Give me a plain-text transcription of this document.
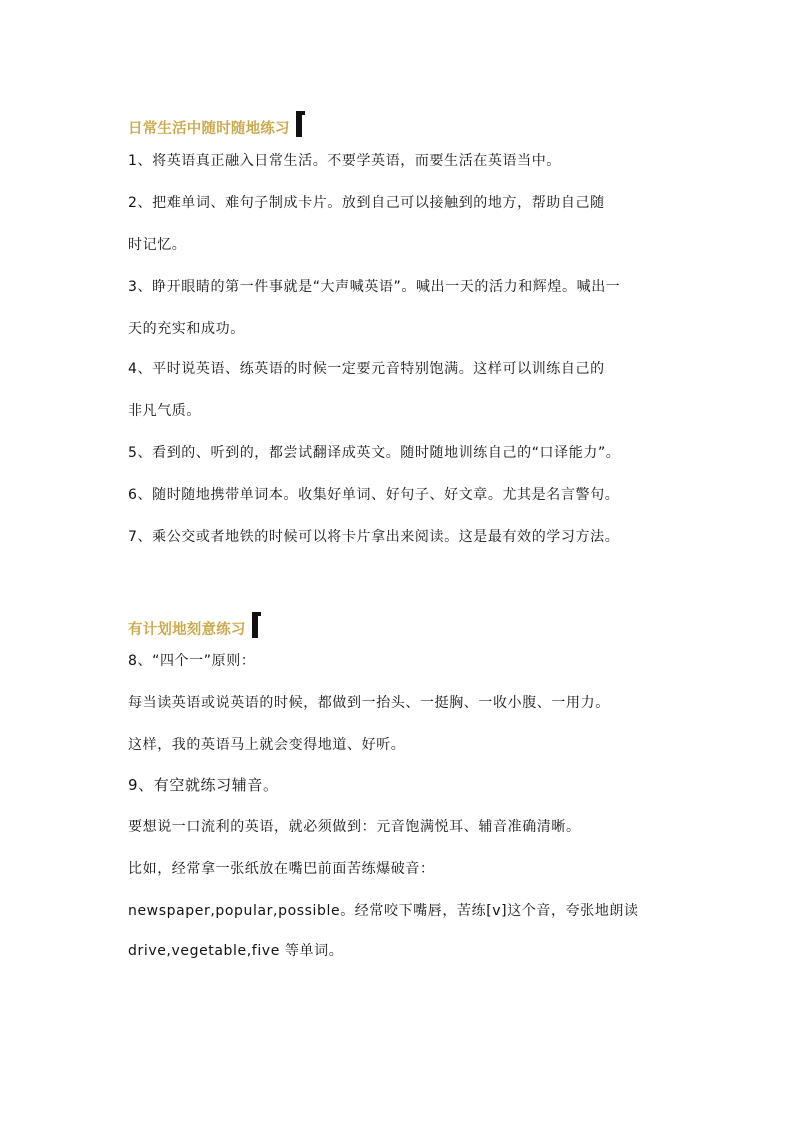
日常生活中随时随地练习
1、将英语真正融入日常生活。不要学英语，而要生活在英语当中。
2、把难单词、难句子制成卡片。放到自己可以接触到的地方，帮助自己随
时记忆。
3、睁开眼睛的第一件事就是“大声喊英语”。喊出一天的活力和辉煌。喊出一
天的充实和成功。
4、平时说英语、练英语的时候一定要元音特别饱满。这样可以训练自己的
非凡气质。
5、看到的、听到的，都尝试翻译成英文。随时随地训练自己的“口译能力”。
6、随时随地携带单词本。收集好单词、好句子、好文章。尤其是名言警句。
7、乘公交或者地铁的时候可以将卡片拿出来阅读。这是最有效的学习方法。
有计划地刻意练习
8、“四个一”原则：
每当读英语或说英语的时候，都做到一抬头、一挺胸、一收小腹、一用力。
这样，我的英语马上就会变得地道、好听。
9、有空就练习辅音。
要想说一口流利的英语，就必须做到：元音饱满悦耳、辅音准确清晰。
比如，经常拿一张纸放在嘴巴前面苦练爆破音：
newspaper,popular,possible。经常咬下嘴唇，苦练[v]这个音，夸张地朗读
drive,vegetable,five 等单词。
